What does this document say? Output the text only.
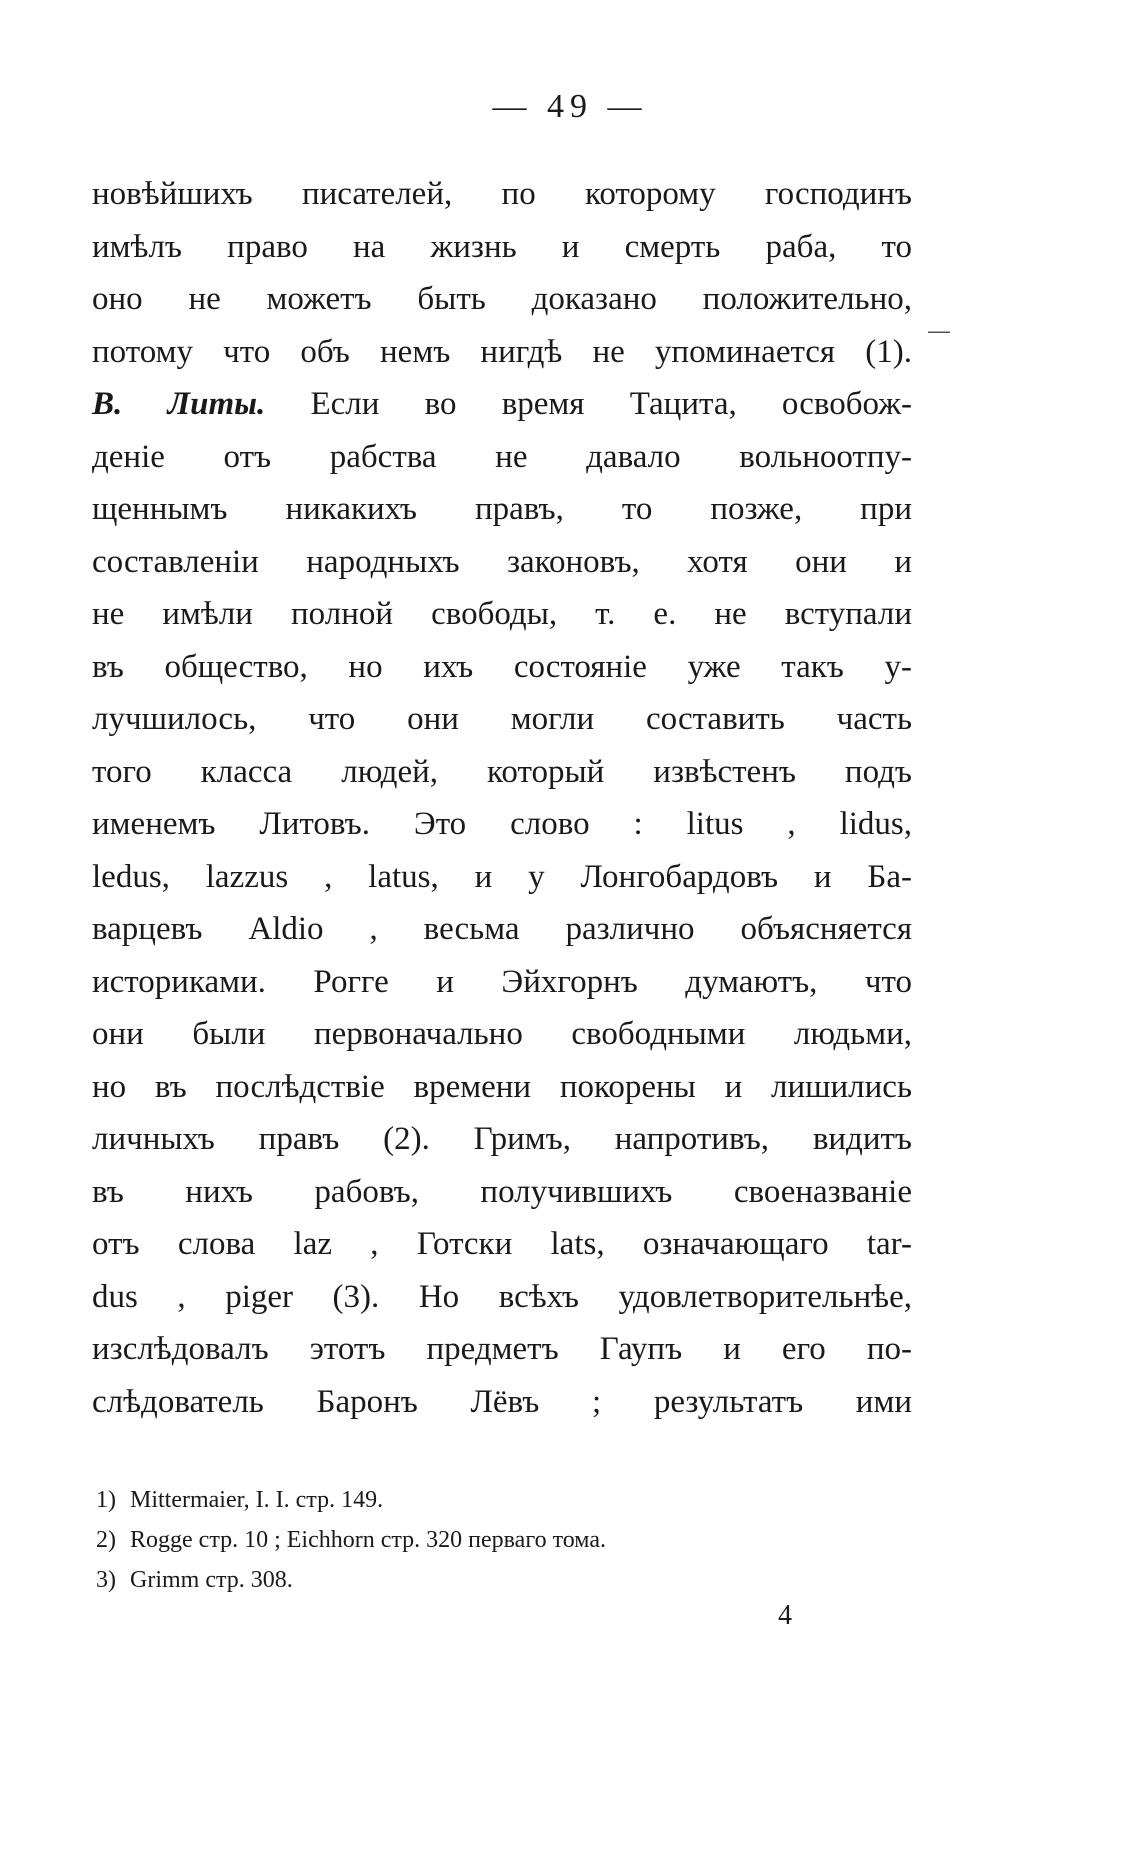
— 49 —
—
новѣйшихъ писателей, по которому господинъ
имѣлъ право на жизнь и смерть раба, то
оно не можетъ быть доказано положительно,
потому что объ немъ нигдѣ не упоминается (1).
B. Литы. Если во время Тацита, освобож-
деніе отъ рабства не давало вольноотпу-
щеннымъ никакихъ правъ, то позже, при
составленіи народныхъ законовъ, хотя они и
не имѣли полной свободы, т. е. не вступали
въ общество, но ихъ состояніе уже такъ у-
лучшилось, что они могли составить часть
того класса людей, который извѣстенъ подъ
именемъ Литовъ. Это слово : litus , lidus,
ledus, lazzus , latus, и у Лонгобардовъ и Ба-
варцевъ Aldio , весьма различно объясняется
историками. Рогге и Эйхгорнъ думаютъ, что
они были первоначально свободными людьми,
но въ послѣдствіе времени покорены и лишились
личныхъ правъ (2). Гримъ, напротивъ, видитъ
въ нихъ рабовъ, получившихъ своеназваніе
отъ слова laz , Готски lats, означающаго tar-
dus , piger (3). Но всѣхъ удовлетворительнѣе,
изслѣдовалъ этотъ предметъ Гаупъ и его по-
слѣдователь Баронъ Лёвъ ; результатъ ими
1) Mittermaier, I. I. стр. 149.
2) Rogge стр. 10 ; Eichhorn стр. 320 перваго тома.
3) Grimm стр. 308.
4
